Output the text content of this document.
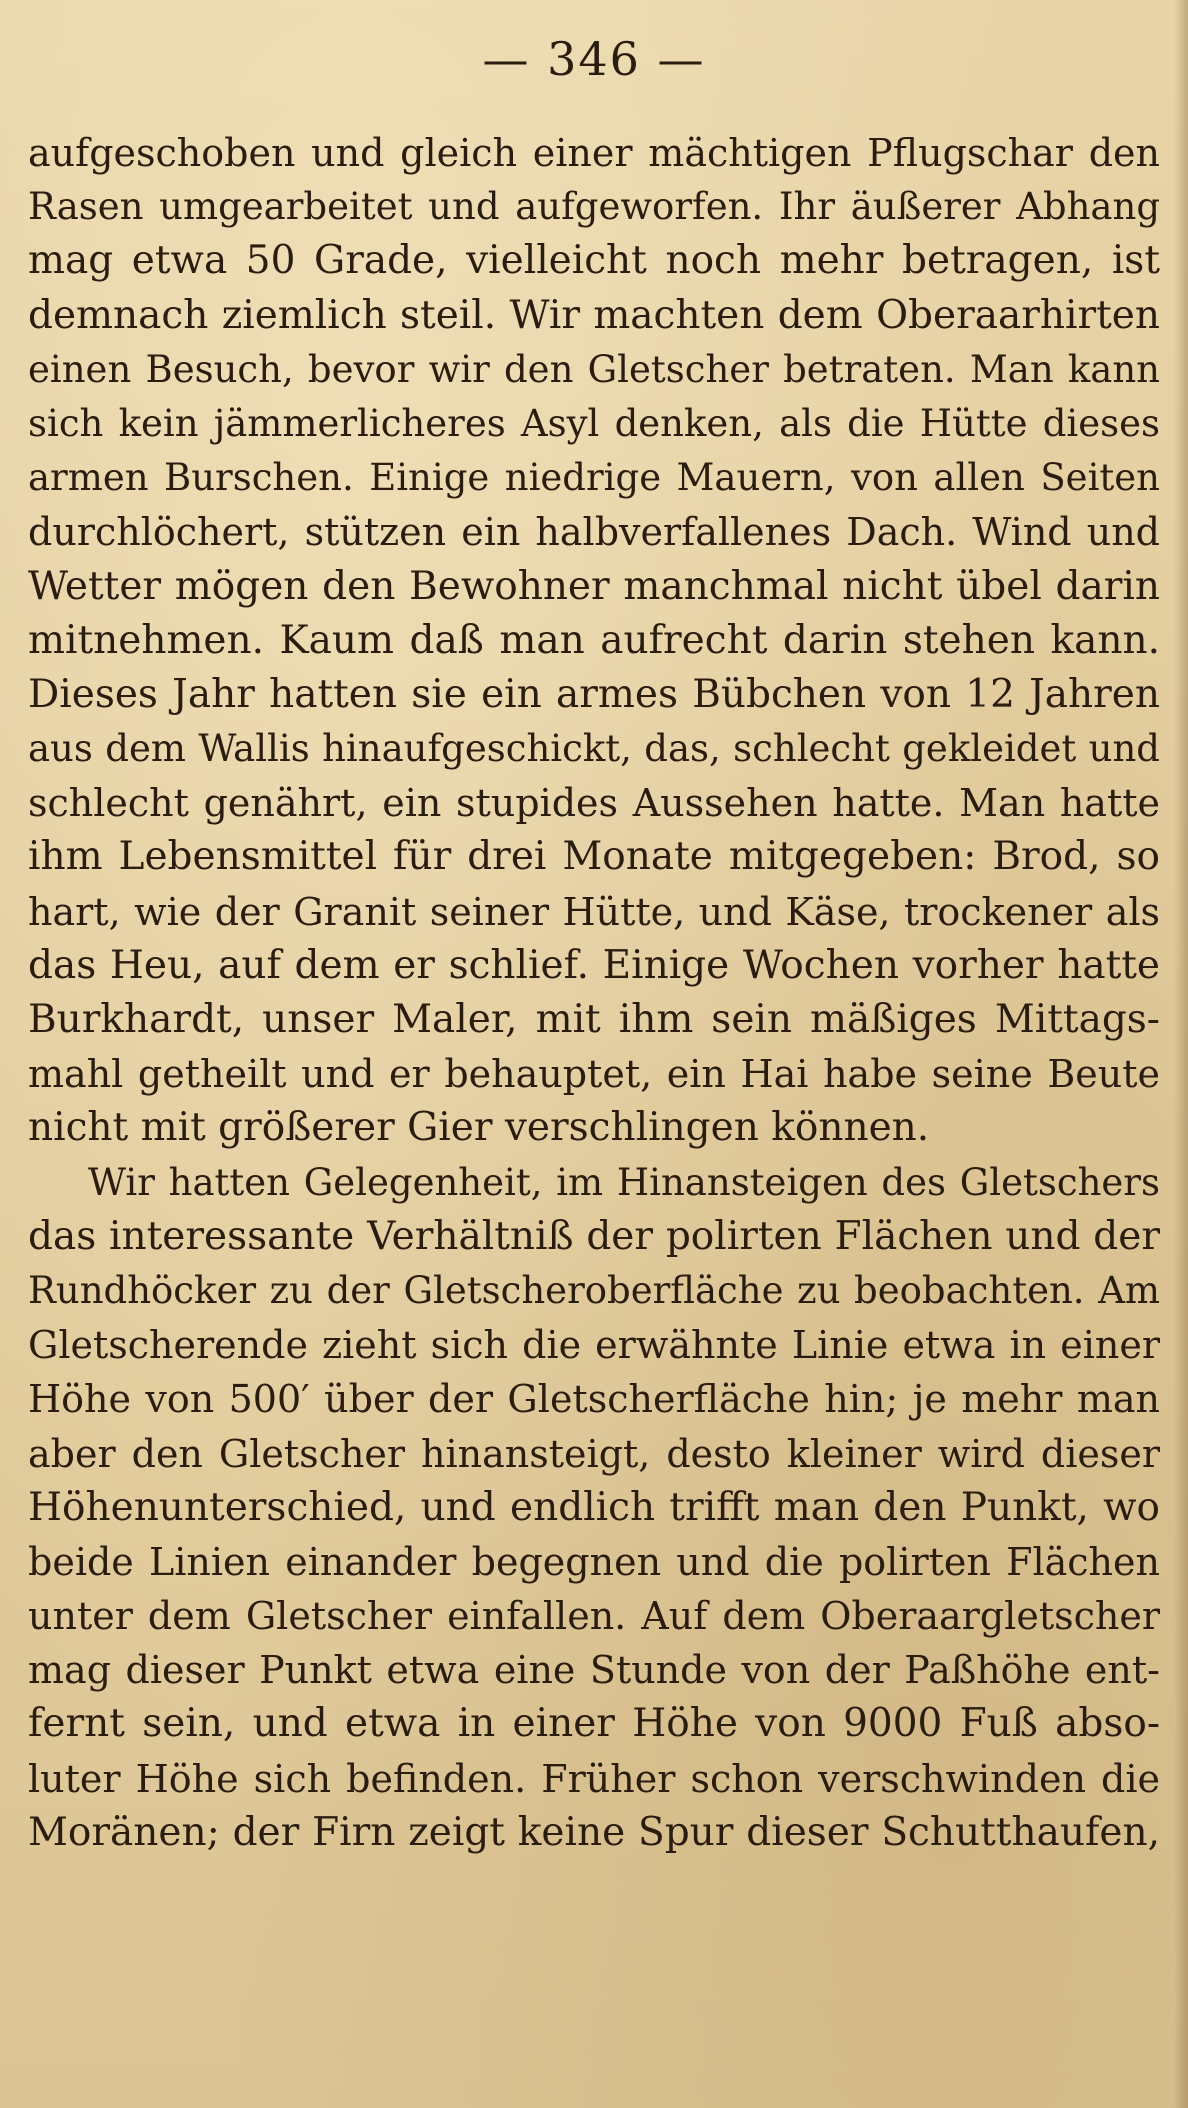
— 346 —
aufgeschoben und gleich einer mächtigen Pflugschar den
Rasen umgearbeitet und aufgeworfen. Ihr äußerer Abhang
mag etwa 50 Grade, vielleicht noch mehr betragen, ist
demnach ziemlich steil. Wir machten dem Oberaarhirten
einen Besuch, bevor wir den Gletscher betraten. Man kann
sich kein jämmerlicheres Asyl denken, als die Hütte dieses
armen Burschen. Einige niedrige Mauern, von allen Seiten
durchlöchert, stützen ein halbverfallenes Dach. Wind und
Wetter mögen den Bewohner manchmal nicht übel darin
mitnehmen. Kaum daß man aufrecht darin stehen kann.
Dieses Jahr hatten sie ein armes Bübchen von 12 Jahren
aus dem Wallis hinaufgeschickt, das, schlecht gekleidet und
schlecht genährt, ein stupides Aussehen hatte. Man hatte
ihm Lebensmittel für drei Monate mitgegeben: Brod, so
hart, wie der Granit seiner Hütte, und Käse, trockener als
das Heu, auf dem er schlief. Einige Wochen vorher hatte
Burkhardt, unser Maler, mit ihm sein mäßiges Mittags-
mahl getheilt und er behauptet, ein Hai habe seine Beute
nicht mit größerer Gier verschlingen können.
Wir hatten Gelegenheit, im Hinansteigen des Gletschers
das interessante Verhältniß der polirten Flächen und der
Rundhöcker zu der Gletscheroberfläche zu beobachten. Am
Gletscherende zieht sich die erwähnte Linie etwa in einer
Höhe von 500′ über der Gletscherfläche hin; je mehr man
aber den Gletscher hinansteigt, desto kleiner wird dieser
Höhenunterschied, und endlich trifft man den Punkt, wo
beide Linien einander begegnen und die polirten Flächen
unter dem Gletscher einfallen. Auf dem Oberaargletscher
mag dieser Punkt etwa eine Stunde von der Paßhöhe ent-
fernt sein, und etwa in einer Höhe von 9000 Fuß abso-
luter Höhe sich befinden. Früher schon verschwinden die
Moränen; der Firn zeigt keine Spur dieser Schutthaufen,
